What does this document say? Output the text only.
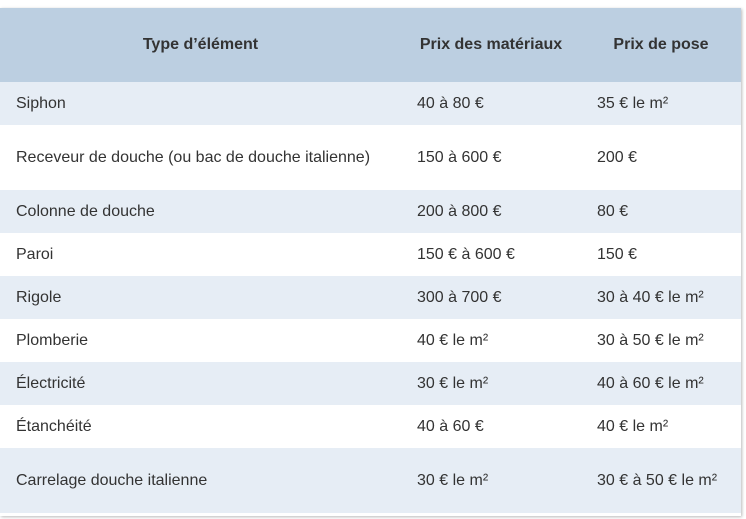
Type d’élément	Prix des matériaux	Prix de pose
Siphon	40 à 80 €	35 € le m²
Receveur de douche (ou bac de douche italienne)	150 à 600 €	200 €
Colonne de douche	200 à 800 €	80 €
Paroi	150 € à 600 €	150 €
Rigole	300 à 700 €	30 à 40 € le m²
Plomberie	40 € le m²	30 à 50 € le m²
Électricité	30 € le m²	40 à 60 € le m²
Étanchéité	40 à 60 €	40 € le m²
Carrelage douche italienne	30 € le m²	30 € à 50 € le m²
